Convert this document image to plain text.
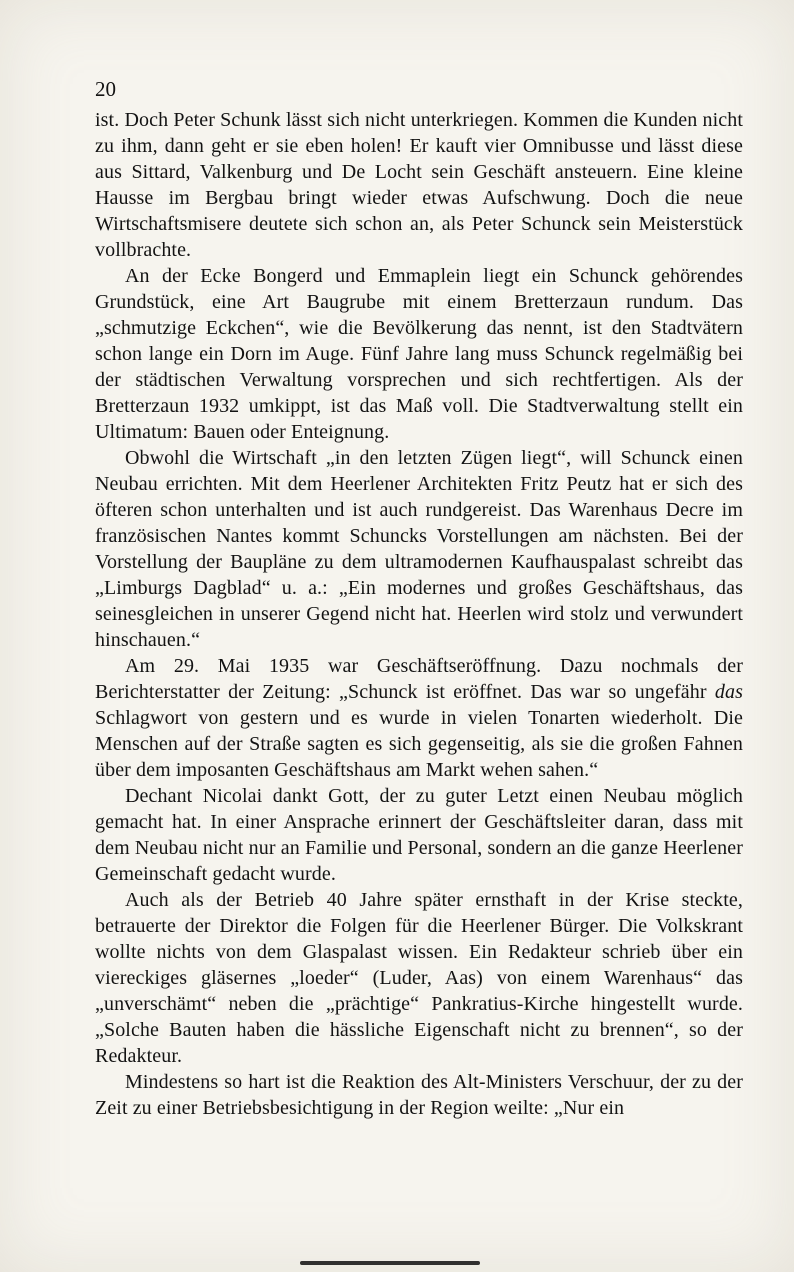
20

ist. Doch Peter Schunk lässt sich nicht unterkriegen. Kommen die Kunden nicht zu ihm, dann geht er sie eben holen! Er kauft vier Omnibusse und lässt diese aus Sittard, Valkenburg und De Locht sein Geschäft ansteuern. Eine kleine Hausse im Bergbau bringt wieder etwas Aufschwung. Doch die neue Wirtschaftsmisere deutete sich schon an, als Peter Schunck sein Meisterstück vollbrachte.

An der Ecke Bongerd und Emmaplein liegt ein Schunck gehörendes Grundstück, eine Art Baugrube mit einem Bretterzaun rundum. Das „schmutzige Eckchen“, wie die Bevölkerung das nennt, ist den Stadtvätern schon lange ein Dorn im Auge. Fünf Jahre lang muss Schunck regelmäßig bei der städtischen Verwaltung vorsprechen und sich rechtfertigen. Als der Bretterzaun 1932 umkippt, ist das Maß voll. Die Stadtverwaltung stellt ein Ultimatum: Bauen oder Enteignung.

Obwohl die Wirtschaft „in den letzten Zügen liegt“, will Schunck einen Neubau errichten. Mit dem Heerlener Architekten Fritz Peutz hat er sich des öfteren schon unterhalten und ist auch rundgereist. Das Warenhaus Decre im französischen Nantes kommt Schuncks Vorstellungen am nächsten. Bei der Vorstellung der Baupläne zu dem ultramodernen Kaufhauspalast schreibt das „Limburgs Dagblad“ u. a.: „Ein modernes und großes Geschäftshaus, das seinesgleichen in unserer Gegend nicht hat. Heerlen wird stolz und verwundert hinschauen.“

Am 29. Mai 1935 war Geschäftseröffnung. Dazu nochmals der Berichterstatter der Zeitung: „Schunck ist eröffnet. Das war so ungefähr das Schlagwort von gestern und es wurde in vielen Tonarten wiederholt. Die Menschen auf der Straße sagten es sich gegenseitig, als sie die großen Fahnen über dem imposanten Geschäftshaus am Markt wehen sahen.“

Dechant Nicolai dankt Gott, der zu guter Letzt einen Neubau möglich gemacht hat. In einer Ansprache erinnert der Geschäftsleiter daran, dass mit dem Neubau nicht nur an Familie und Personal, sondern an die ganze Heerlener Gemeinschaft gedacht wurde.

Auch als der Betrieb 40 Jahre später ernsthaft in der Krise steckte, betrauerte der Direktor die Folgen für die Heerlener Bürger. Die Volkskrant wollte nichts von dem Glaspalast wissen. Ein Redakteur schrieb über ein viereckiges gläsernes „loeder“ (Luder, Aas) von einem Warenhaus“ das „unverschämt“ neben die „prächtige“ Pankratius-Kirche hingestellt wurde. „Solche Bauten haben die hässliche Eigenschaft nicht zu brennen“, so der Redakteur.

Mindestens so hart ist die Reaktion des Alt-Ministers Verschuur, der zu der Zeit zu einer Betriebsbesichtigung in der Region weilte: „Nur ein
